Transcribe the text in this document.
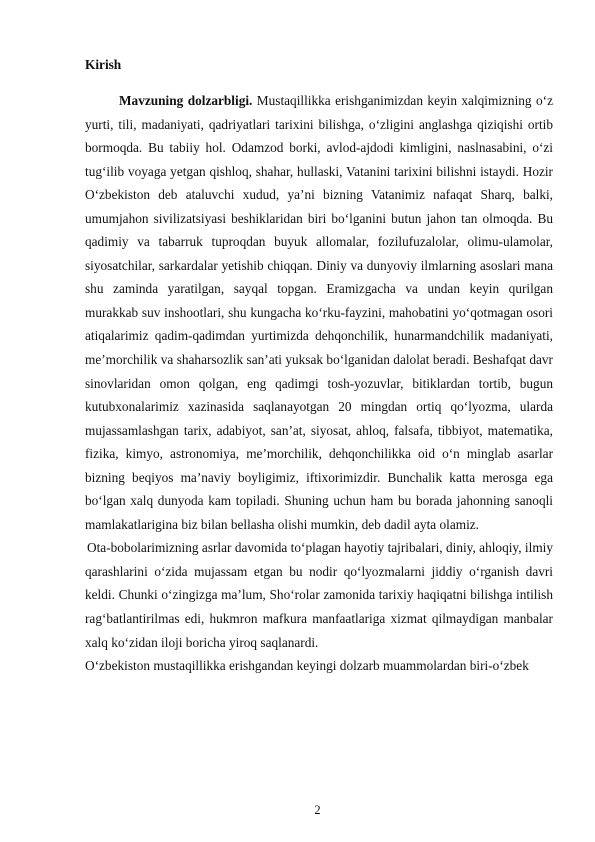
Kirish

Mavzuning dolzarbligi. Mustaqillikka erishganimizdan keyin xalqimizning o‘z yurti, tili, madaniyati, qadriyatlari tarixini bilishga, o‘zligini anglashga qiziqishi ortib bormoqda. Bu tabiiy hol. Odamzod borki, avlod-ajdodi kimligini, naslnasabini, o‘zi tug‘ilib voyaga yetgan qishloq, shahar, hullaski, Vatanini tarixini bilishni istaydi. Hozir O‘zbekiston deb ataluvchi xudud, ya’ni bizning Vatanimiz nafaqat Sharq, balki, umumjahon sivilizatsiyasi beshiklaridan biri bo‘lganini butun jahon tan olmoqda. Bu qadimiy va tabarruk tuproqdan buyuk allomalar, fozilufuzalolar, olimu-ulamolar, siyosatchilar, sarkardalar yetishib chiqqan. Diniy va dunyoviy ilmlarning asoslari mana shu zaminda yaratilgan, sayqal topgan. Eramizgacha va undan keyin qurilgan murakkab suv inshootlari, shu kungacha ko‘rku-fayzini, mahobatini yo‘qotmagan osori atiqalarimiz qadim-qadimdan yurtimizda dehqonchilik, hunarmandchilik madaniyati, me’morchilik va shaharsozlik san’ati yuksak bo‘lganidan dalolat beradi. Beshafqat davr sinovlaridan omon qolgan, eng qadimgi tosh-yozuvlar, bitiklardan tortib, bugun kutubxonalarimiz xazinasida saqlanayotgan 20 mingdan ortiq qo‘lyozma, ularda mujassamlashgan tarix, adabiyot, san’at, siyosat, ahloq, falsafa, tibbiyot, matematika, fizika, kimyo, astronomiya, me’morchilik, dehqonchilikka oid o‘n minglab asarlar bizning beqiyos ma’naviy boyligimiz, iftixorimizdir. Bunchalik katta merosga ega bo‘lgan xalq dunyoda kam topiladi. Shuning uchun ham bu borada jahonning sanoqli mamlakatlarigina biz bilan bellasha olishi mumkin, deb dadil ayta olamiz.

Ota-bobolarimizning asrlar davomida to‘plagan hayotiy tajribalari, diniy, ahloqiy, ilmiy qarashlarini o‘zida mujassam etgan bu nodir qo‘lyozmalarni jiddiy o‘rganish davri keldi. Chunki o‘zingizga ma’lum, Sho‘rolar zamonida tarixiy haqiqatni bilishga intilish rag‘batlantirilmas edi, hukmron mafkura manfaatlariga xizmat qilmaydigan manbalar xalq ko‘zidan iloji boricha yiroq saqlanardi.

O‘zbekiston mustaqillikka erishgandan keyingi dolzarb muammolardan biri-o‘zbek

2
